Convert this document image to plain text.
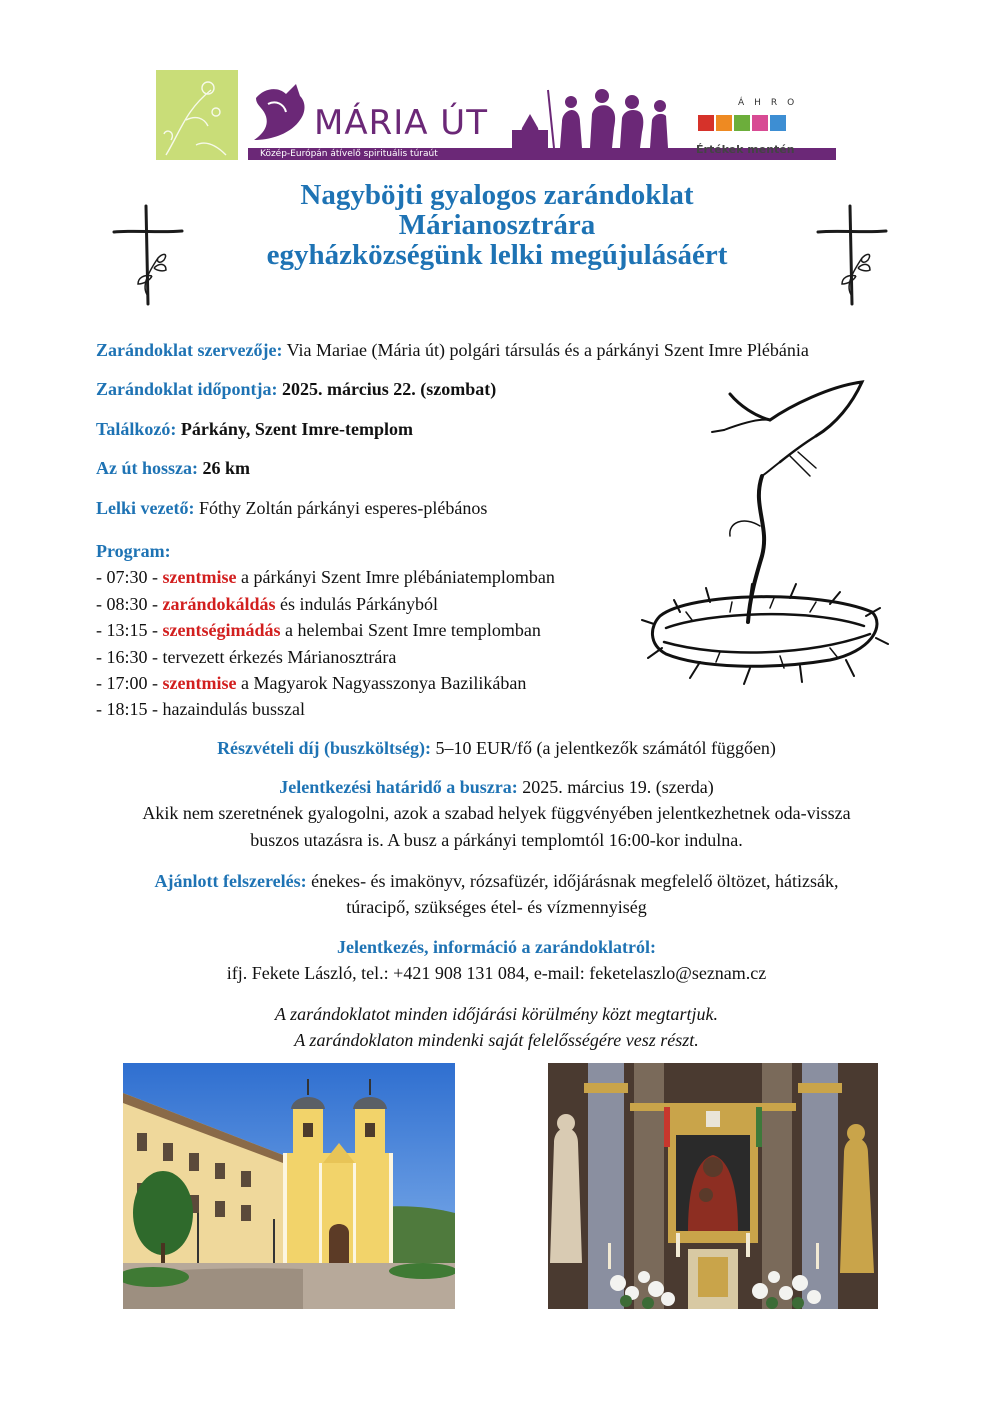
MÁRIA ÚT
Közép-Európán átívelő spirituális túraút
ÁHRO
Értékek mentén
Nagyböjti gyalogos zarándoklat
Márianosztrára
egyházközségünk lelki megújulásáért
Zarándoklat szervezője: Via Mariae (Mária út) polgári társulás és a párkányi Szent Imre Plébánia
Zarándoklat időpontja: 2025. március 22. (szombat)
Találkozó: Párkány, Szent Imre-templom
Az út hossza: 26 km
Lelki vezető: Fóthy Zoltán párkányi esperes-plébános
Program:
- 07:30 - szentmise a párkányi Szent Imre plébániatemplomban
- 08:30 - zarándokáldás és indulás Párkányból
- 13:15 - szentségimádás a helembai Szent Imre templomban
- 16:30 - tervezett érkezés Márianosztrára
- 17:00 - szentmise a Magyarok Nagyasszonya Bazilikában
- 18:15 - hazaindulás busszal
Részvételi díj (buszköltség): 5–10 EUR/fő (a jelentkezők számától függően)
Jelentkezési határidő a buszra: 2025. március 19. (szerda)
Akik nem szeretnének gyalogolni, azok a szabad helyek függvényében jelentkezhetnek oda-vissza
buszos utazásra is. A busz a párkányi templomtól 16:00-kor indulna.
Ajánlott felszerelés: énekes- és imakönyv, rózsafüzér, időjárásnak megfelelő öltözet, hátizsák,
túracipő, szükséges étel- és vízmennyiség
Jelentkezés, információ a zarándoklatról:
ifj. Fekete László, tel.: +421 908 131 084, e-mail: feketelaszlo@seznam.cz
A zarándoklatot minden időjárási körülmény közt megtartjuk.
A zarándoklaton mindenki saját felelősségére vesz részt.
